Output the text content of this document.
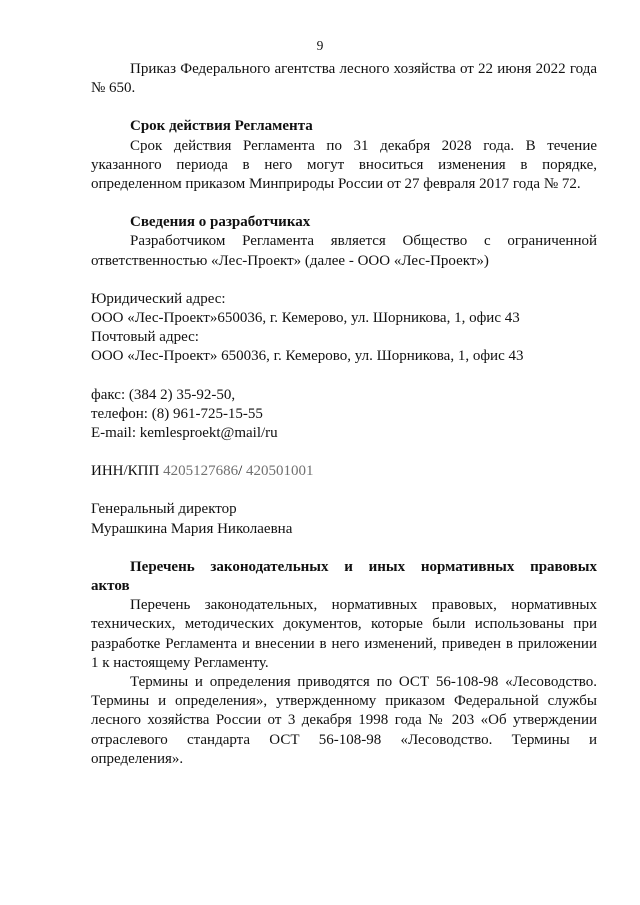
9

Приказ Федерального агентства лесного хозяйства от 22 июня 2022 года № 650.

Срок действия Регламента

Срок действия Регламента по 31 декабря 2028 года. В течение указанного периода в него могут вноситься изменения в порядке, определенном приказом Минприроды России от 27 февраля 2017 года № 72.

Сведения о разработчиках

Разработчиком Регламента является Общество с ограниченной ответственностью «Лес-Проект» (далее - ООО «Лес-Проект»)

Юридический адрес:

ООО «Лес-Проект»650036, г. Кемерово, ул. Шорникова, 1, офис 43

Почтовый адрес:

ООО «Лес-Проект» 650036, г. Кемерово, ул. Шорникова, 1, офис 43

факс: (384 2) 35-92-50,

телефон: (8) 961-725-15-55

E-mail: kemlesproekt@mail/ru

ИНН/КПП 4205127686/ 420501001

Генеральный директор

Мурашкина Мария Николаевна

Перечень законодательных и иных нормативных правовых

актов

Перечень законодательных, нормативных правовых, нормативных технических, методических документов, которые были использованы при разработке Регламента и внесении в него изменений, приведен в приложении 1 к настоящему Регламенту.

Термины и определения приводятся по ОСТ 56-108-98 «Лесоводство. Термины и определения», утвержденному приказом Федеральной службы лесного хозяйства России от 3 декабря 1998 года № 203 «Об утверждении отраслевого стандарта ОСТ 56-108-98 «Лесоводство. Термины и определения».
